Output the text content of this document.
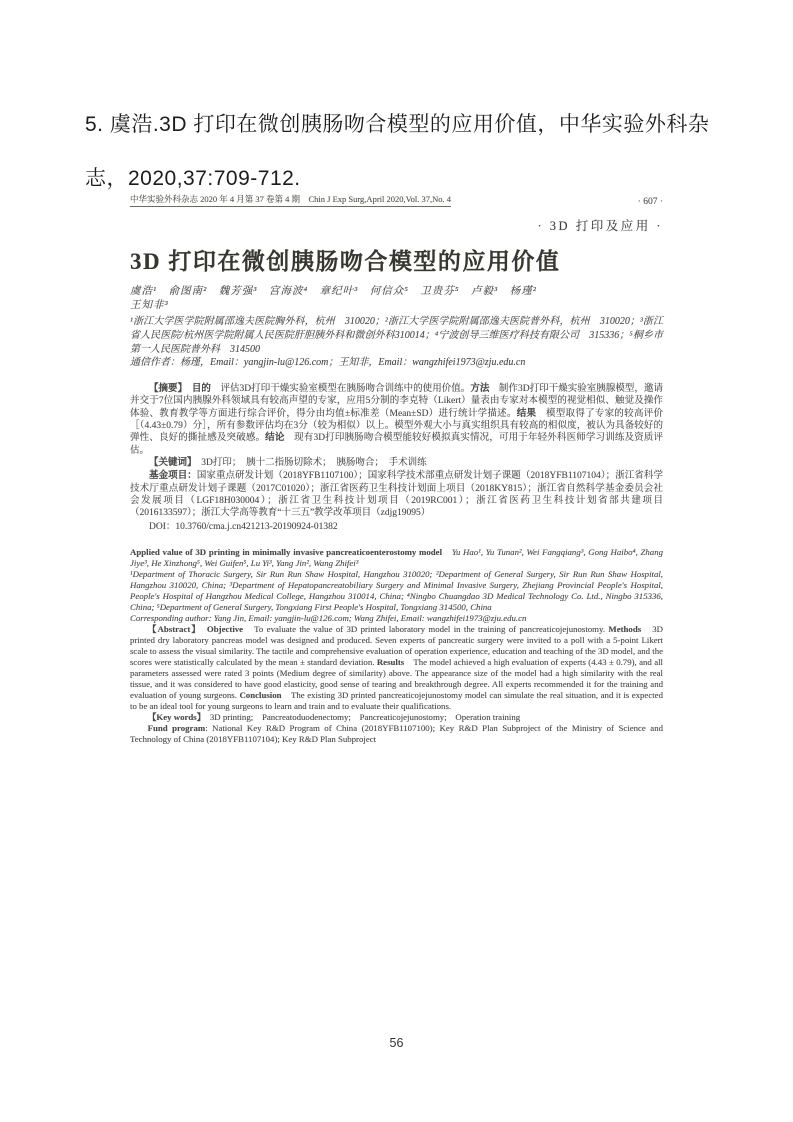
5. 虞浩.3D 打印在微创胰肠吻合模型的应用价值，中华实验外科杂
志，2020,37:709-712.
中华实验外科杂志 2020 年 4 月第 37 卷第 4 期　Chin J Exp Surg,April 2020,Vol. 37,No. 4	· 607 ·
· 3D 打印及应用 ·
3D 打印在微创胰肠吻合模型的应用价值
虞浩¹　俞图南²　魏芳强³　宫海波⁴　章纪叶³　何信众⁵　卫贵芬⁵　卢毅³　杨瑾²
王知非³
¹浙江大学医学院附属邵逸夫医院胸外科，杭州　310020；²浙江大学医学院附属邵逸夫医院普外科，杭州　310020；³浙江省人民医院/杭州医学院附属人民医院肝胆胰外科和微创外科310014；⁴宁波创导三维医疗科技有限公司　315336；⁵桐乡市第一人民医院普外科　314500
通信作者：杨瑾，Email：yangjin-lu@126.com；王知非，Email：wangzhifei1973@zju.edu.cn

【摘要】　目的　评估3D打印干燥实验室模型在胰肠吻合训练中的使用价值。方法　制作3D打印干燥实验室胰腺模型，邀请并交于7位国内胰腺外科领域具有较高声望的专家，应用5分制的李克特（Likert）量表由专家对本模型的视觉相似、触觉及操作体验、教育教学等方面进行综合评价，得分由均值±标准差（Mean±SD）进行统计学描述。结果　模型取得了专家的较高评价［（4.43±0.79）分］，所有参数评估均在3分（较为相似）以上。模型外观大小与真实组织具有较高的相似度，被认为具备较好的弹性、良好的撕扯感及突破感。结论　现有3D打印胰肠吻合模型能较好模拟真实情况，可用于年轻外科医师学习训练及资质评估。

【关键词】　3D打印；　胰十二指肠切除术；　胰肠吻合；　手术训练

基金项目：国家重点研发计划（2018YFB1107100）；国家科学技术部重点研发计划子课题（2018YFB1107104）；浙江省科学技术厅重点研发计划子课题（2017C01020）；浙江省医药卫生科技计划面上项目（2018KY815）；浙江省自然科学基金委员会社会发展项目（LGF18H030004）；浙江省卫生科技计划项目（2019RC001）；浙江省医药卫生科技计划省部共建项目（2016133597）；浙江大学高等教育“十三五”教学改革项目（zdjg19095）

DOI：10.3760/cma.j.cn421213-20190924-01382

Applied value of 3D printing in minimally invasive pancreaticoenterostomy model　Yu Hao¹, Yu Tunan², Wei Fangqiang³, Gong Haibo⁴, Zhang Jiye³, He Xinzhong⁵, Wei Guifen⁵, Lu Yi³, Yang Jin², Wang Zhifei³

¹Department of Thoracic Surgery, Sir Run Run Shaw Hospital, Hangzhou 310020; ²Department of General Surgery, Sir Run Run Shaw Hospital, Hangzhou 310020, China; ³Department of Hepatopancreatobiliary Surgery and Minimal Invasive Surgery, Zhejiang Provincial People's Hospital, People's Hospital of Hangzhou Medical College, Hangzhou 310014, China; ⁴Ningbo Chuangdao 3D Medical Technology Co. Ltd., Ningbo 315336, China; ⁵Department of General Surgery, Tongxiang First People's Hospital, Tongxiang 314500, China

Corresponding author: Yang Jin, Email: yangjin-lu@126.com; Wang Zhifei, Email: wangzhifei1973@zju.edu.cn

【Abstract】　Objective　To evaluate the value of 3D printed laboratory model in the training of pancreaticojejunostomy. Methods　3D printed dry laboratory pancreas model was designed and produced. Seven experts of pancreatic surgery were invited to a poll with a 5-point Likert scale to assess the visual similarity. The tactile and comprehensive evaluation of operation experience, education and teaching of the 3D model, and the scores were statistically calculated by the mean ± standard deviation. Results　The model achieved a high evaluation of experts (4.43 ± 0.79), and all parameters assessed were rated 3 points (Medium degree of similarity) above. The appearance size of the model had a high similarity with the real tissue, and it was considered to have good elasticity, good sense of tearing and breakthrough degree. All experts recommended it for the training and evaluation of young surgeons. Conclusion　The existing 3D printed pancreaticojejunostomy model can simulate the real situation, and it is expected to be an ideal tool for young surgeons to learn and train and to evaluate their qualifications.

【Key words】　3D printing;　Pancreatoduodenectomy;　Pancreaticojejunostomy;　Operation training

Fund program: National Key R&D Program of China (2018YFB1107100); Key R&D Plan Subproject of the Ministry of Science and Technology of China (2018YFB1107104); Key R&D Plan Subproject

56
